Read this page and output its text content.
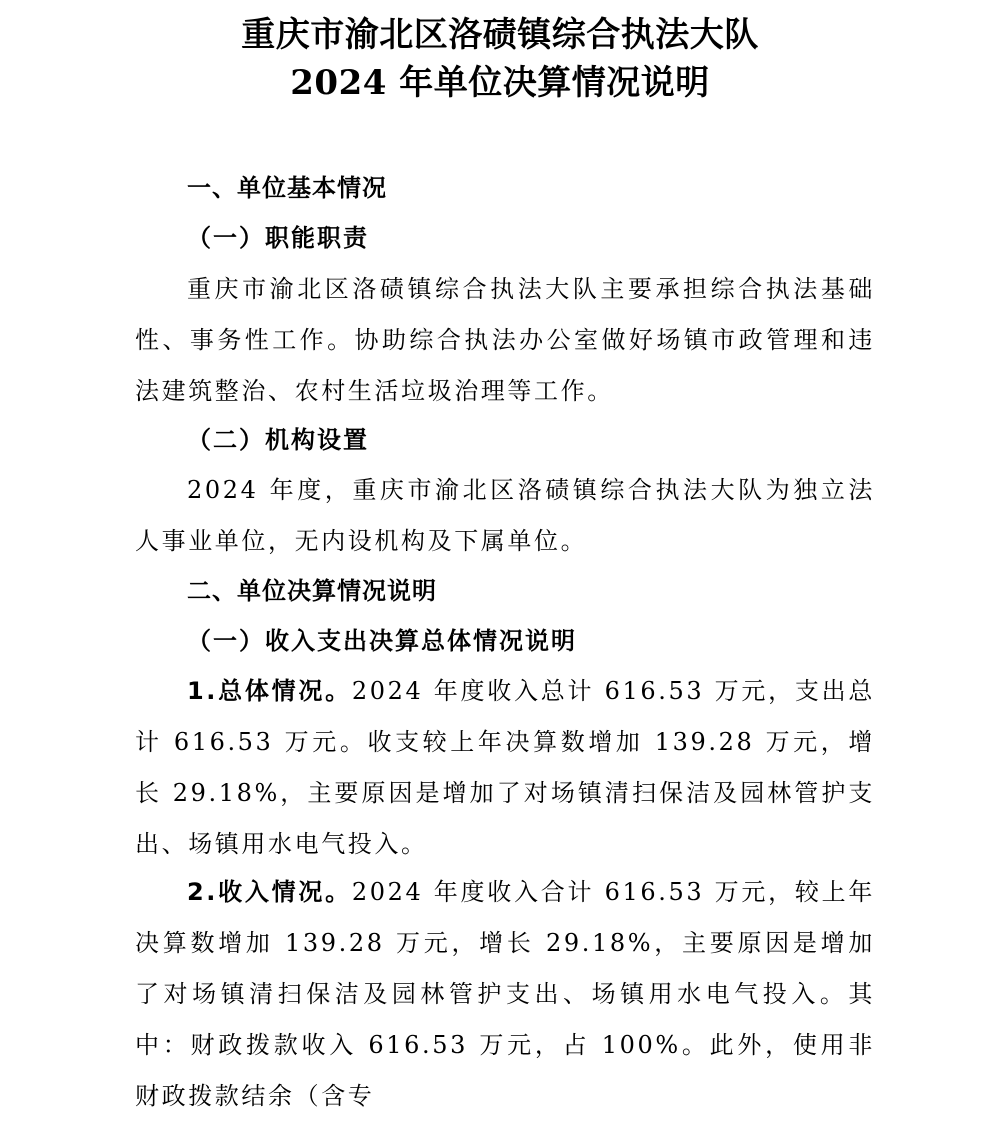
重庆市渝北区洛碛镇综合执法大队
2024 年单位决算情况说明
一、单位基本情况
（一）职能职责

重庆市渝北区洛碛镇综合执法大队主要承担综合执法基础性、事务性工作。协助综合执法办公室做好场镇市政管理和违法建筑整治、农村生活垃圾治理等工作。

（二）机构设置

2024 年度，重庆市渝北区洛碛镇综合执法大队为独立法人事业单位，无内设机构及下属单位。

二、单位决算情况说明
（一）收入支出决算总体情况说明

1.总体情况。2024 年度收入总计 616.53 万元，支出总计 616.53 万元。收支较上年决算数增加 139.28 万元，增长 29.18%，主要原因是增加了对场镇清扫保洁及园林管护支出、场镇用水电气投入。

2.收入情况。2024 年度收入合计 616.53 万元，较上年决算数增加 139.28 万元，增长 29.18%，主要原因是增加了对场镇清扫保洁及园林管护支出、场镇用水电气投入。其中：财政拨款收入 616.53 万元，占 100%。此外，使用非财政拨款结余（含专
